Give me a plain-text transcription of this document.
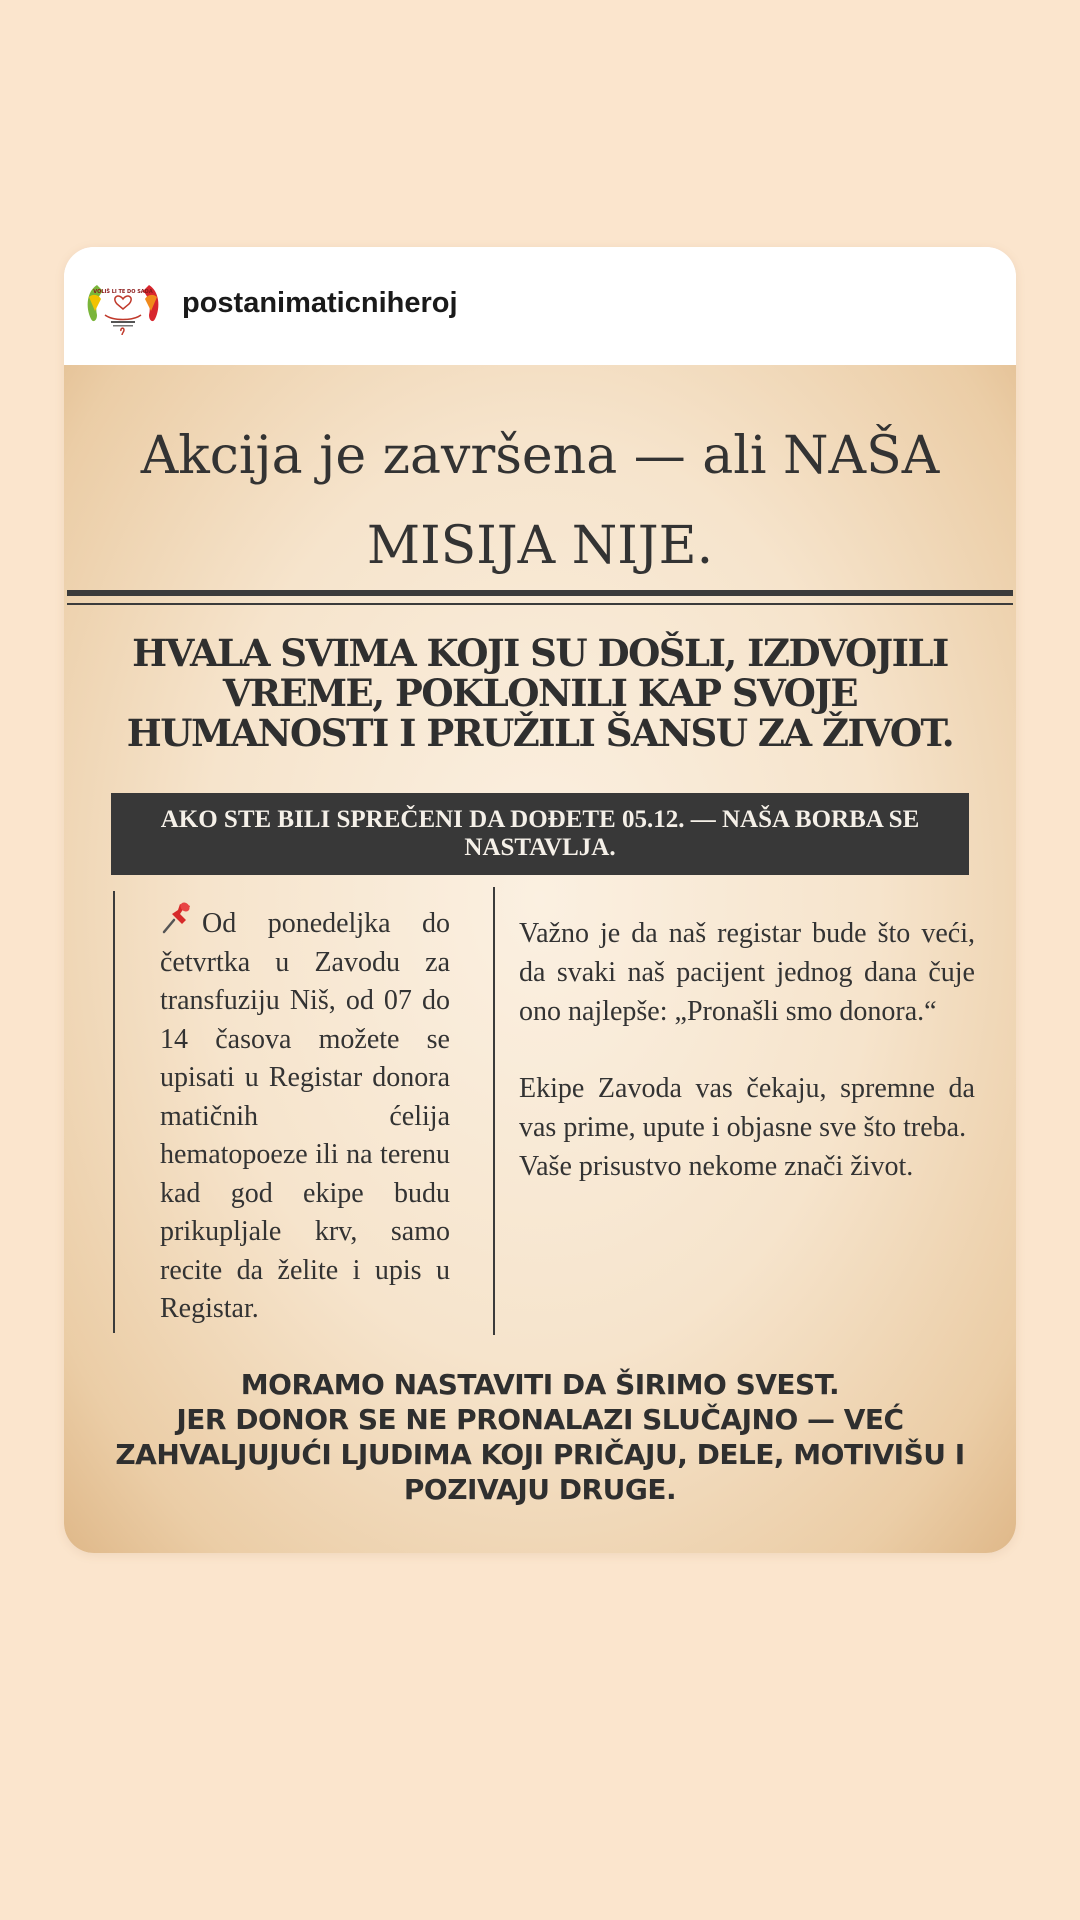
VOLIŠ LI TE DO SADA postanimaticniheroj
Akcija je završena — ali NAŠA
MISIJA NIJE.
HVALA SVIMA KOJI SU DOŠLI, IZDVOJILI VREME, POKLONILI KAP SVOJE HUMANOSTI I PRUŽILI ŠANSU ZA ŽIVOT.
AKO STE BILI SPREČENI DA DOĐETE 05.12. — NAŠA BORBA SE NASTAVLJA.
Od ponedeljka do četvrtka u Zavodu za transfuziju Niš, od 07 do 14 časova možete se upisati u Registar donora matičnih ćelija hematopoeze ili na terenu kad god ekipe budu prikupljale krv, samo recite da želite i upis u Registar.

Važno je da naš registar bude što veći, da svaki naš pacijent jednog dana čuje ono najlepše: „Pronašli smo donora.“

Ekipe Zavoda vas čekaju, spremne da vas prime, upute i objasne sve što treba.

Vaše prisustvo nekome znači život.

MORAMO NASTAVITI DA ŠIRIMO SVEST.
JER DONOR SE NE PRONALAZI SLUČAJNO — VEĆ ZAHVALJUJUĆI LJUDIMA KOJI PRIČAJU, DELE, MOTIVIŠU I POZIVAJU DRUGE.
